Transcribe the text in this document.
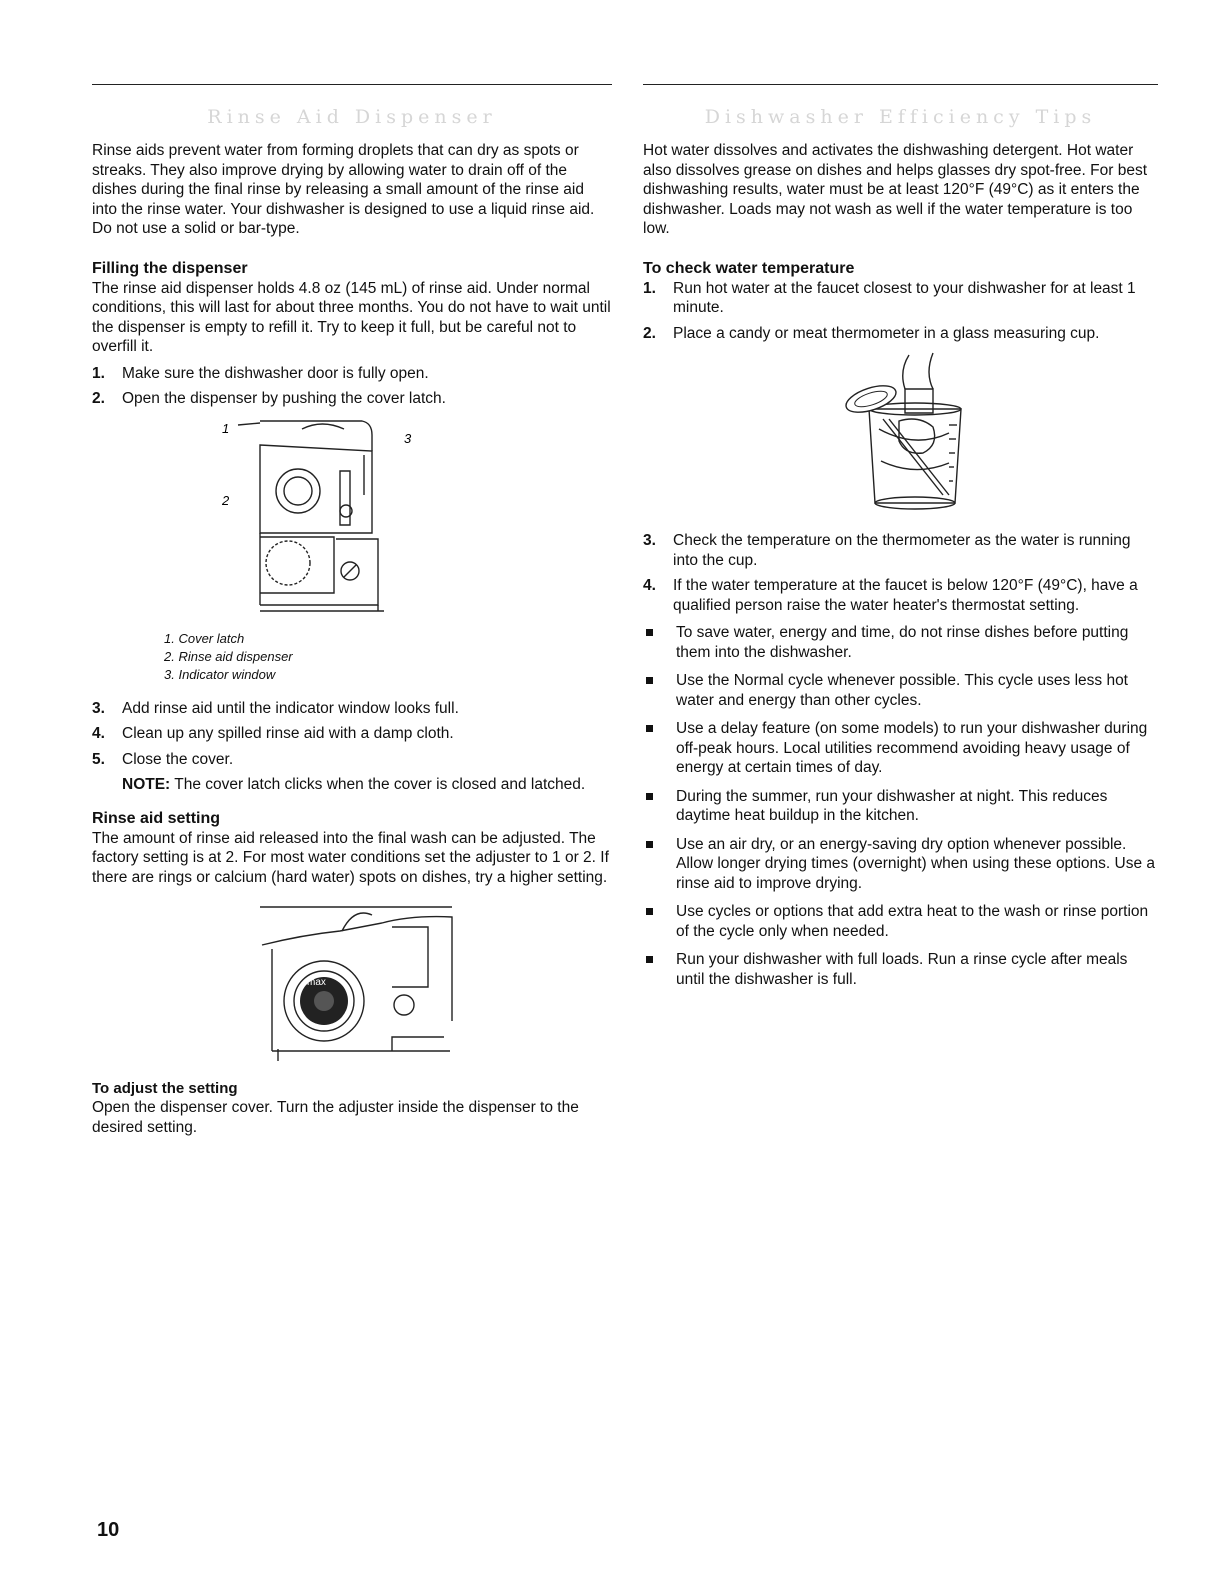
Rinse Aid Dispenser

Rinse aids prevent water from forming droplets that can dry as spots or streaks. They also improve drying by allowing water to drain off of the dishes during the final rinse by releasing a small amount of the rinse aid into the rinse water. Your dishwasher is designed to use a liquid rinse aid. Do not use a solid or bar-type.

Filling the dispenser

The rinse aid dispenser holds 4.8 oz (145 mL) of rinse aid. Under normal conditions, this will last for about three months. You do not have to wait until the dispenser is empty to refill it. Try to keep it full, but be careful not to overfill it.

1. Make sure the dishwasher door is fully open.
2. Open the dispenser by pushing the cover latch.
1
2
3
1. Cover latch
2. Rinse aid dispenser
3. Indicator window
3. Add rinse aid until the indicator window looks full.
4. Clean up any spilled rinse aid with a damp cloth.
5. Close the cover.

NOTE: The cover latch clicks when the cover is closed and latched.

Rinse aid setting

The amount of rinse aid released into the final wash can be adjusted. The factory setting is at 2. For most water conditions set the adjuster to 1 or 2. If there are rings or calcium (hard water) spots on dishes, try a higher setting.

max
To adjust the setting

Open the dispenser cover. Turn the adjuster inside the dispenser to the desired setting.

Dishwasher Efficiency Tips

Hot water dissolves and activates the dishwashing detergent. Hot water also dissolves grease on dishes and helps glasses dry spot-free. For best dishwashing results, water must be at least 120°F (49°C) as it enters the dishwasher. Loads may not wash as well if the water temperature is too low.

To check water temperature
1. Run hot water at the faucet closest to your dishwasher for at least 1 minute.
2. Place a candy or meat thermometer in a glass measuring cup.
3. Check the temperature on the thermometer as the water is running into the cup.
4. If the water temperature at the faucet is below 120°F (49°C), have a qualified person raise the water heater's thermostat setting.
To save water, energy and time, do not rinse dishes before putting them into the dishwasher.
Use the Normal cycle whenever possible. This cycle uses less hot water and energy than other cycles.
Use a delay feature (on some models) to run your dishwasher during off-peak hours. Local utilities recommend avoiding heavy usage of energy at certain times of day.
During the summer, run your dishwasher at night. This reduces daytime heat buildup in the kitchen.
Use an air dry, or an energy-saving dry option whenever possible. Allow longer drying times (overnight) when using these options. Use a rinse aid to improve drying.
Use cycles or options that add extra heat to the wash or rinse portion of the cycle only when needed.
Run your dishwasher with full loads. Run a rinse cycle after meals until the dishwasher is full.
10
